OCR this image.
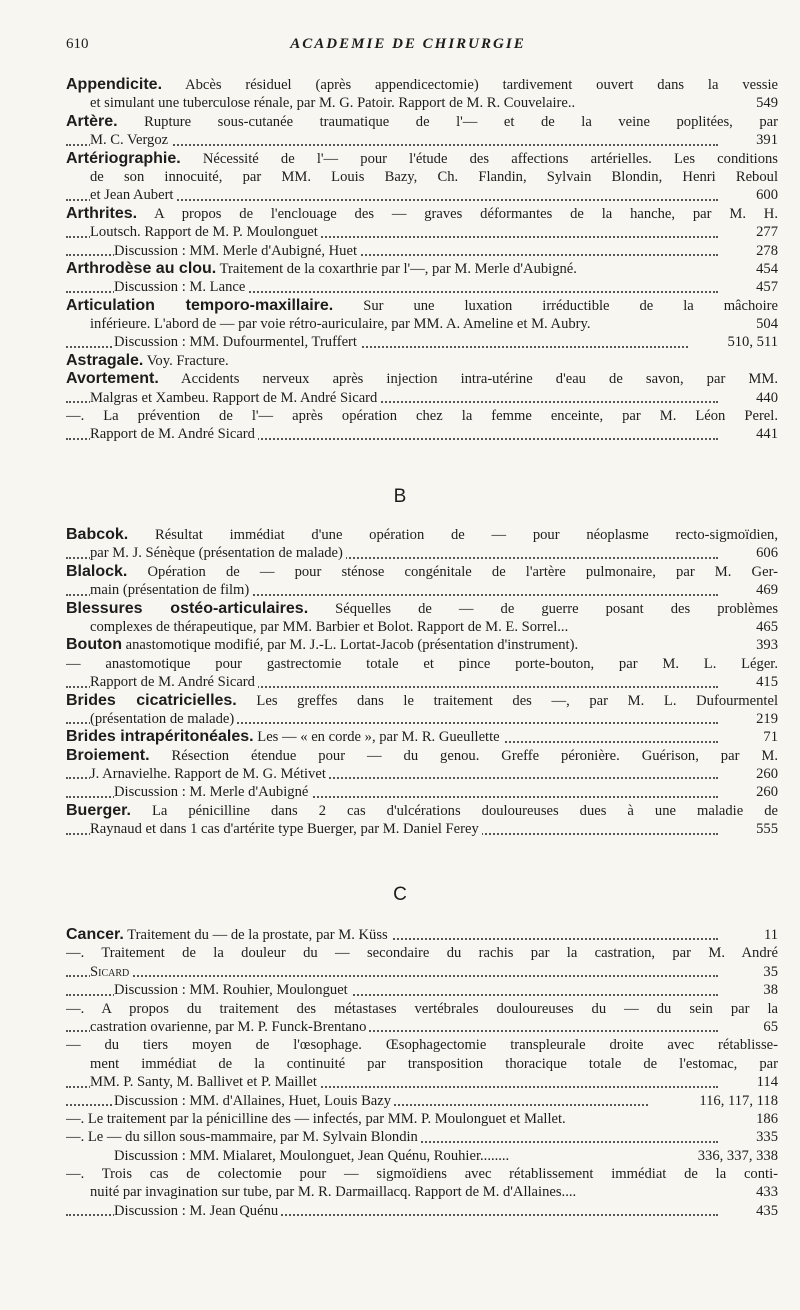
610	ACADEMIE DE CHIRURGIE
Appendicite. Abcès résiduel (après appendicectomie) tardivement ouvert dans la vessie
et simulant une tuberculose rénale, par M. G. Patoir. Rapport de M. R. Couvelaire..	549
Artère. Rupture sous-cutanée traumatique de l'— et de la veine poplitées, par
M. C. Vergoz	391
Artériographie. Nécessité de l'— pour l'étude des affections artérielles. Les conditions
de son innocuité, par MM. Louis Bazy, Ch. Flandin, Sylvain Blondin, Henri Reboul
et Jean Aubert	600
Arthrites. A propos de l'enclouage des — graves déformantes de la hanche, par M. H.
Loutsch. Rapport de M. P. Moulonguet	277
Discussion : MM. Merle d'Aubigné, Huet	278
Arthrodèse au clou. Traitement de la coxarthrie par l'—, par M. Merle d'Aubigné.	454
Discussion : M. Lance	457
Articulation temporo-maxillaire. Sur une luxation irréductible de la mâchoire
inférieure. L'abord de — par voie rétro-auriculaire, par MM. A. Ameline et M. Aubry.	504
Discussion : MM. Dufourmentel, Truffert	510, 511
Astragale. Voy. Fracture.
Avortement. Accidents nerveux après injection intra-utérine d'eau de savon, par MM.
Malgras et Xambeu. Rapport de M. André Sicard	440
—. La prévention de l'— après opération chez la femme enceinte, par M. Léon Perel.
Rapport de M. André Sicard	441
B
Babcok. Résultat immédiat d'une opération de — pour néoplasme recto-sigmoïdien,
par M. J. Sénèque (présentation de malade)	606
Blalock. Opération de — pour sténose congénitale de l'artère pulmonaire, par M. Ger-
main (présentation de film)	469
Blessures ostéo-articulaires. Séquelles de — de guerre posant des problèmes
complexes de thérapeutique, par MM. Barbier et Bolot. Rapport de M. E. Sorrel...	465
Bouton anastomotique modifié, par M. J.-L. Lortat-Jacob (présentation d'instrument).	393
— anastomotique pour gastrectomie totale et pince porte-bouton, par M. L. Léger.
Rapport de M. André Sicard	415
Brides cicatricielles. Les greffes dans le traitement des —, par M. L. Dufourmentel
(présentation de malade)	219
Brides intrapéritonéales. Les — « en corde », par M. R. Gueullette	71
Broiement. Résection étendue pour — du genou. Greffe péronière. Guérison, par M.
J. Arnavielhe. Rapport de M. G. Métivet	260
Discussion : M. Merle d'Aubigné	260
Buerger. La pénicilline dans 2 cas d'ulcérations douloureuses dues à une maladie de
Raynaud et dans 1 cas d'artérite type Buerger, par M. Daniel Ferey	555
C
Cancer. Traitement du — de la prostate, par M. Küss	11
—. Traitement de la douleur du — secondaire du rachis par la castration, par M. André
Sicard	35
Discussion : MM. Rouhier, Moulonguet	38
—. A propos du traitement des métastases vertébrales douloureuses du — du sein par la
castration ovarienne, par M. P. Funck-Brentano	65
— du tiers moyen de l'œsophage. Œsophagectomie transpleurale droite avec rétablisse-
ment immédiat de la continuité par transposition thoracique totale de l'estomac, par
MM. P. Santy, M. Ballivet et P. Maillet	114
Discussion : MM. d'Allaines, Huet, Louis Bazy	116, 117, 118
—. Le traitement par la pénicilline des — infectés, par MM. P. Moulonguet et Mallet.	186
—. Le — du sillon sous-mammaire, par M. Sylvain Blondin	335
Discussion : MM. Mialaret, Moulonguet, Jean Quénu, Rouhier........	336, 337, 338
—. Trois cas de colectomie pour — sigmoïdiens avec rétablissement immédiat de la conti-
nuité par invagination sur tube, par M. R. Darmaillacq. Rapport de M. d'Allaines....	433
Discussion : M. Jean Quénu	435
